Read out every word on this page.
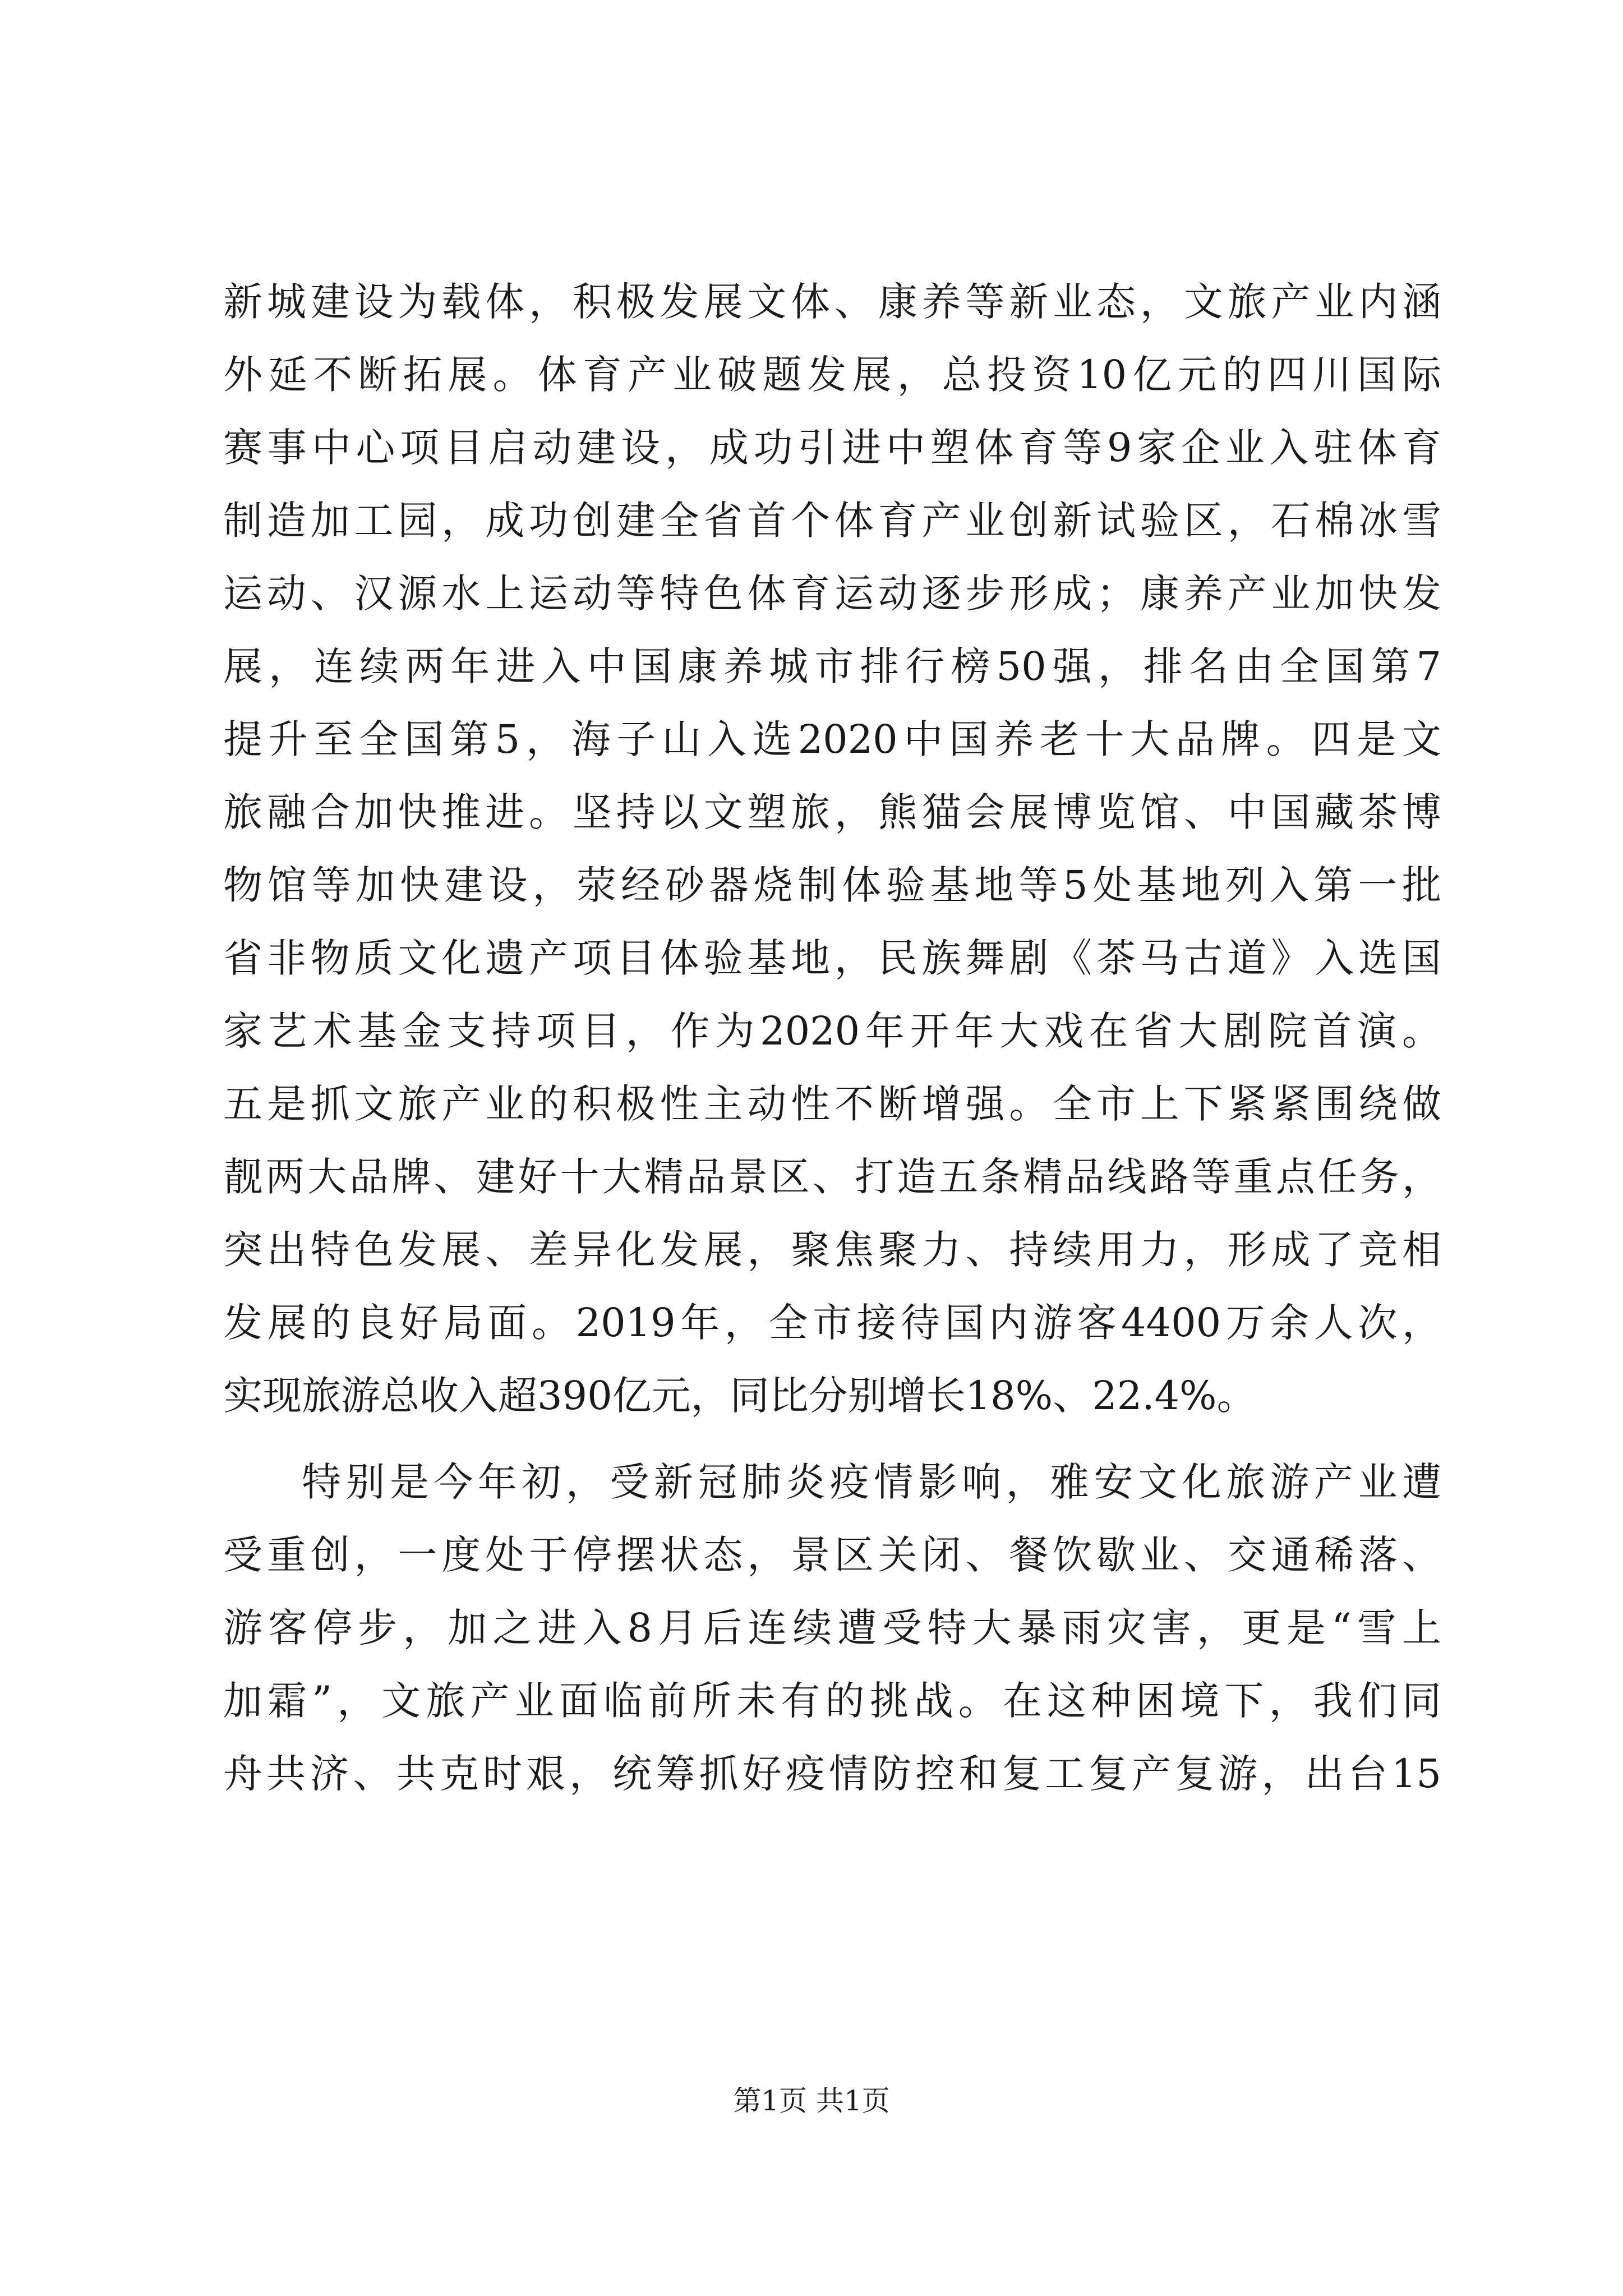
新城建设为载体，积极发展文体、康养等新业态，文旅产业内涵
外延不断拓展。体育产业破题发展，总投资10亿元的四川国际
赛事中心项目启动建设，成功引进中塑体育等9家企业入驻体育
制造加工园，成功创建全省首个体育产业创新试验区，石棉冰雪
运动、汉源水上运动等特色体育运动逐步形成；康养产业加快发
展，连续两年进入中国康养城市排行榜50强，排名由全国第7
提升至全国第5，海子山入选2020中国养老十大品牌。四是文
旅融合加快推进。坚持以文塑旅，熊猫会展博览馆、中国藏茶博
物馆等加快建设，荥经砂器烧制体验基地等5处基地列入第一批
省非物质文化遗产项目体验基地，民族舞剧《茶马古道》入选国
家艺术基金支持项目，作为2020年开年大戏在省大剧院首演。
五是抓文旅产业的积极性主动性不断增强。全市上下紧紧围绕做
靓两大品牌、建好十大精品景区、打造五条精品线路等重点任务，
突出特色发展、差异化发展，聚焦聚力、持续用力，形成了竞相
发展的良好局面。2019年，全市接待国内游客4400万余人次，
实现旅游总收入超390亿元，同比分别增长18%、22.4%。
特别是今年初，受新冠肺炎疫情影响，雅安文化旅游产业遭
受重创，一度处于停摆状态，景区关闭、餐饮歇业、交通稀落、
游客停步，加之进入8月后连续遭受特大暴雨灾害，更是“雪上
加霜”，文旅产业面临前所未有的挑战。在这种困境下，我们同
舟共济、共克时艰，统筹抓好疫情防控和复工复产复游，出台15
第1页 共1页
